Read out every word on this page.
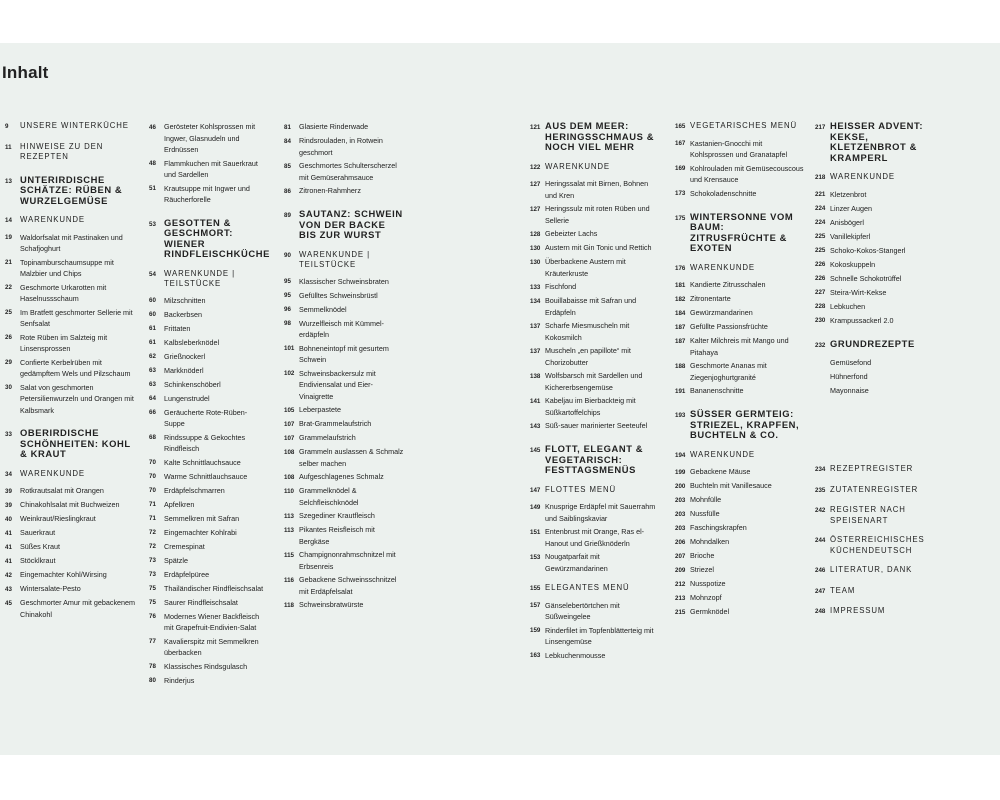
Inhalt
9	UNSERE WINTERKÜCHE
11	HINWEISE ZU DEN REZEPTEN
13 UNTERIRDISCHE SCHÄTZE: RÜBEN & WURZELGEMÜSE
14	WARENKUNDE
19	Waldorfsalat mit Pastinaken und Schafjoghurt
21	Topinamburschaumsuppe mit Malzbier und Chips
22	Geschmorte Urkarotten mit Haselnussschaum
25	Im Bratfett geschmorter Sellerie mit Senfsalat
26	Rote Rüben im Salzteig mit Linsensprossen
29	Confierte Kerbelrüben mit gedämpftem Wels und Pilzschaum
30	Salat von geschmorten Petersilienwurzeln und Orangen mit Kalbsmark
33 OBERIRDISCHE SCHÖNHEITEN: KOHL & KRAUT
34	WARENKUNDE
39	Rotkrautsalat mit Orangen
39	Chinakohlsalat mit Buchweizen
40	Weinkraut/Rieslingkraut
41	Sauerkraut
41	Süßes Kraut
41	Stöcklkraut
42	Eingemachter Kohl/Wirsing
43	Wintersalate-Pesto
45	Geschmorter Amur mit gebackenem Chinakohl
46	Gerösteter Kohlsprossen mit Ingwer, Glasnudeln und Erdnüssen
48	Flammkuchen mit Sauerkraut und Sardellen
51	Krautsuppe mit Ingwer und Räucherforelle
53 GESOTTEN & GESCHMORT: WIENER RINDFLEISCHKÜCHE
54	WARENKUNDE | TEILSTÜCKE
60	Milzschnitten
60	Backerbsen
61	Frittaten
61	Kalbsleberknödel
62	Grießnockerl
63	Markknöderl
63	Schinkenschöberl
64	Lungenstrudel
66	Geräucherte Rote-Rüben-Suppe
68	Rindssuppe & Gekochtes Rindfleisch
70	Kalte Schnittlauchsauce
70	Warme Schnittlauchsauce
70	Erdäpfelschmarren
71	Apfelkren
71	Semmelkren mit Safran
72	Eingemachter Kohlrabi
72	Cremespinat
73	Spätzle
73	Erdäpfelpüree
75	Thailändischer Rindfleischsalat
75	Saurer Rindfleischsalat
76	Modernes Wiener Backfleisch mit Grapefruit-Endivien-Salat
77	Kavalierspitz mit Semmelkren überbacken
78	Klassisches Rindsgulasch
80	Rinderjus
81	Glasierte Rinderwade
84	Rindsrouladen, in Rotwein geschmort
85	Geschmortes Schulterscherzel mit Gemüserahmsauce
86	Zitronen-Rahmherz
89 SAUTANZ: SCHWEIN VON DER BACKE BIS ZUR WURST
90	WARENKUNDE | TEILSTÜCKE
95	Klassischer Schweinsbraten
95	Gefülltes Schweinsbrüstl
96	Semmelknödel
98	Wurzelfleisch mit Kümmel-erdäpfeln
101 Bohneneintopf mit gesurtem Schwein
102 Schweinsbackersulz mit Endiviensalat und Eier-Vinaigrette
105 Leberpastete
107 Brat-Grammelaufstrich
107 Grammelaufstrich
108 Grammeln auslassen & Schmalz selber machen
108 Aufgeschlagenes Schmalz
110 Grammelknödel & Selchfleischknödel
113 Szegediner Krautfleisch
113 Pikantes Reisfleisch mit Bergkäse
115 Champignonrahmschnitzel mit Erbsenreis
116 Gebackene Schweinsschnitzel mit Erdäpfelsalat
118 Schweinsbratwürste
121 AUS DEM MEER: HERINGSSCHMAUS & NOCH VIEL MEHR
122 WARENKUNDE
127 Heringssalat mit Birnen, Bohnen und Kren
127 Heringssulz mit roten Rüben und Sellerie
128 Gebeizter Lachs
130 Austern mit Gin Tonic und Rettich
130 Überbackene Austern mit Kräuterkruste
133 Fischfond
134 Bouillabaisse mit Safran und Erdäpfeln
137 Scharfe Miesmuscheln mit Kokosmilch
137 Muscheln „en papillote“ mit Chorizobutter
138 Wolfsbarsch mit Sardellen und Kichererbsengemüse
141 Kabeljau im Bierbackteig mit Süßkartoffelchips
143 Süß-sauer marinierter Seeteufel
145 FLOTT, ELEGANT & VEGETARISCH: FESTTAGSMENÜS
147 FLOTTES MENÜ
149 Knusprige Erdäpfel mit Sauerrahm und Saiblingskaviar
151 Entenbrust mit Orange, Ras el-Hanout und Grießknöderln
153 Nougatparfait mit Gewürzmandarinen
155 ELEGANTES MENÜ
157 Gänselebertörtchen mit Süßweingelee
159 Rinderfilet im Topfenblätterteig mit Linsengemüse
163 Lebkuchenmousse
165 VEGETARISCHES MENÜ
167 Kastanien-Gnocchi mit Kohlsprossen und Granatapfel
169 Kohlrouladen mit Gemüsecouscous und Krensauce
173 Schokoladenschnitte
175 WINTERSONNE VOM BAUM: ZITRUSFRÜCHTE & EXOTEN
176 WARENKUNDE
181 Kandierte Zitrusschalen
182 Zitronentarte
184 Gewürzmandarinen
187 Gefüllte Passionsfrüchte
187 Kalter Milchreis mit Mango und Pitahaya
188 Geschmorte Ananas mit Ziegenjoghurtgranité
191 Bananenschnitte
193 SÜSSER GERMTEIG: STRIEZEL, KRAPFEN, BUCHTELN & CO.
194 WARENKUNDE
199 Gebackene Mäuse
200 Buchteln mit Vanillesauce
203 Mohnfülle
203 Nussfülle
203 Faschingskrapfen
206 Mohndalken
207 Brioche
209 Striezel
212 Nusspotize
213 Mohnzopf
215 Germknödel
217 HEISSER ADVENT: KEKSE, KLETZENBROT & KRAMPERL
218 WARENKUNDE
221 Kletzenbrot
224 Linzer Augen
224 Anisbögerl
225 Vanillekipferl
225 Schoko-Kokos-Stangerl
226 Kokoskuppeln
226 Schnelle Schokotrüffel
227 Steira-Wirt-Kekse
228 Lebkuchen
230 Krampussackerl 2.0
232 GRUNDREZEPTE
Gemüsefond
Hühnerfond
Mayonnaise
234 REZEPTREGISTER
235 ZUTATENREGISTER
242 REGISTER NACH SPEISENART
244 ÖSTERREICHISCHES KÜCHENDEUTSCH
246 LITERATUR, DANK
247 TEAM
248 IMPRESSUM
